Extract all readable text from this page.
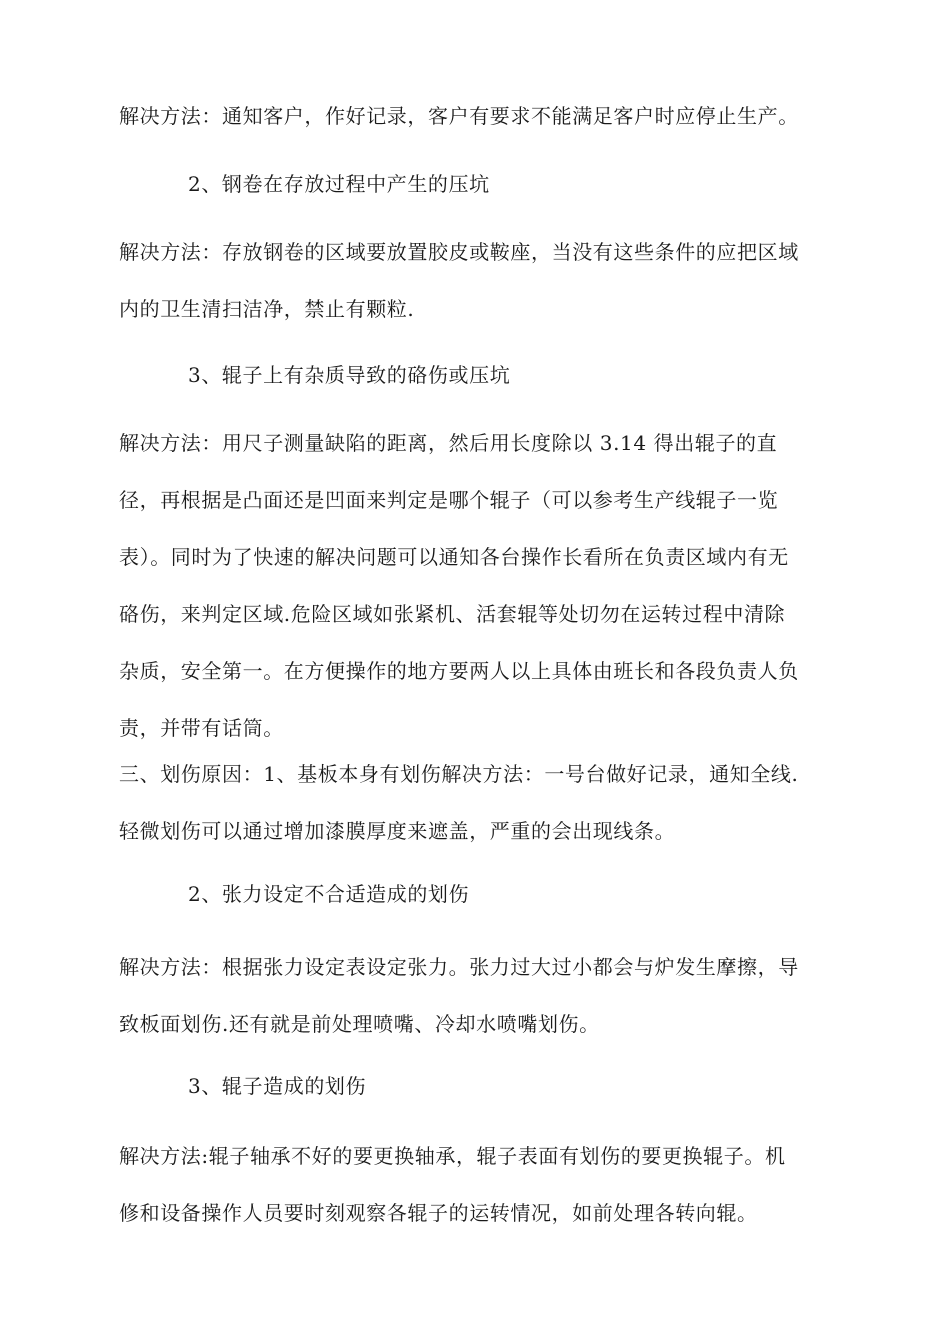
解决方法：通知客户，作好记录，客户有要求不能满足客户时应停止生产。

2、钢卷在存放过程中产生的压坑

解决方法：存放钢卷的区域要放置胶皮或鞍座，当没有这些条件的应把区域
内的卫生清扫洁净，禁止有颗粒.

3、辊子上有杂质导致的硌伤或压坑

解决方法：用尺子测量缺陷的距离，然后用长度除以 3.14 得出辊子的直
径，再根据是凸面还是凹面来判定是哪个辊子（可以参考生产线辊子一览
表）。同时为了快速的解决问题可以通知各台操作长看所在负责区域内有无
硌伤，来判定区域.危险区域如张紧机、活套辊等处切勿在运转过程中清除
杂质，安全第一。在方便操作的地方要两人以上具体由班长和各段负责人负
责，并带有话筒。

三、划伤原因：1、基板本身有划伤解决方法：一号台做好记录，通知全线.
轻微划伤可以通过增加漆膜厚度来遮盖，严重的会出现线条。

2、张力设定不合适造成的划伤

解决方法：根据张力设定表设定张力。张力过大过小都会与炉发生摩擦，导
致板面划伤.还有就是前处理喷嘴、冷却水喷嘴划伤。

3、辊子造成的划伤

解决方法:辊子轴承不好的要更换轴承，辊子表面有划伤的要更换辊子。机
修和设备操作人员要时刻观察各辊子的运转情况，如前处理各转向辊。
